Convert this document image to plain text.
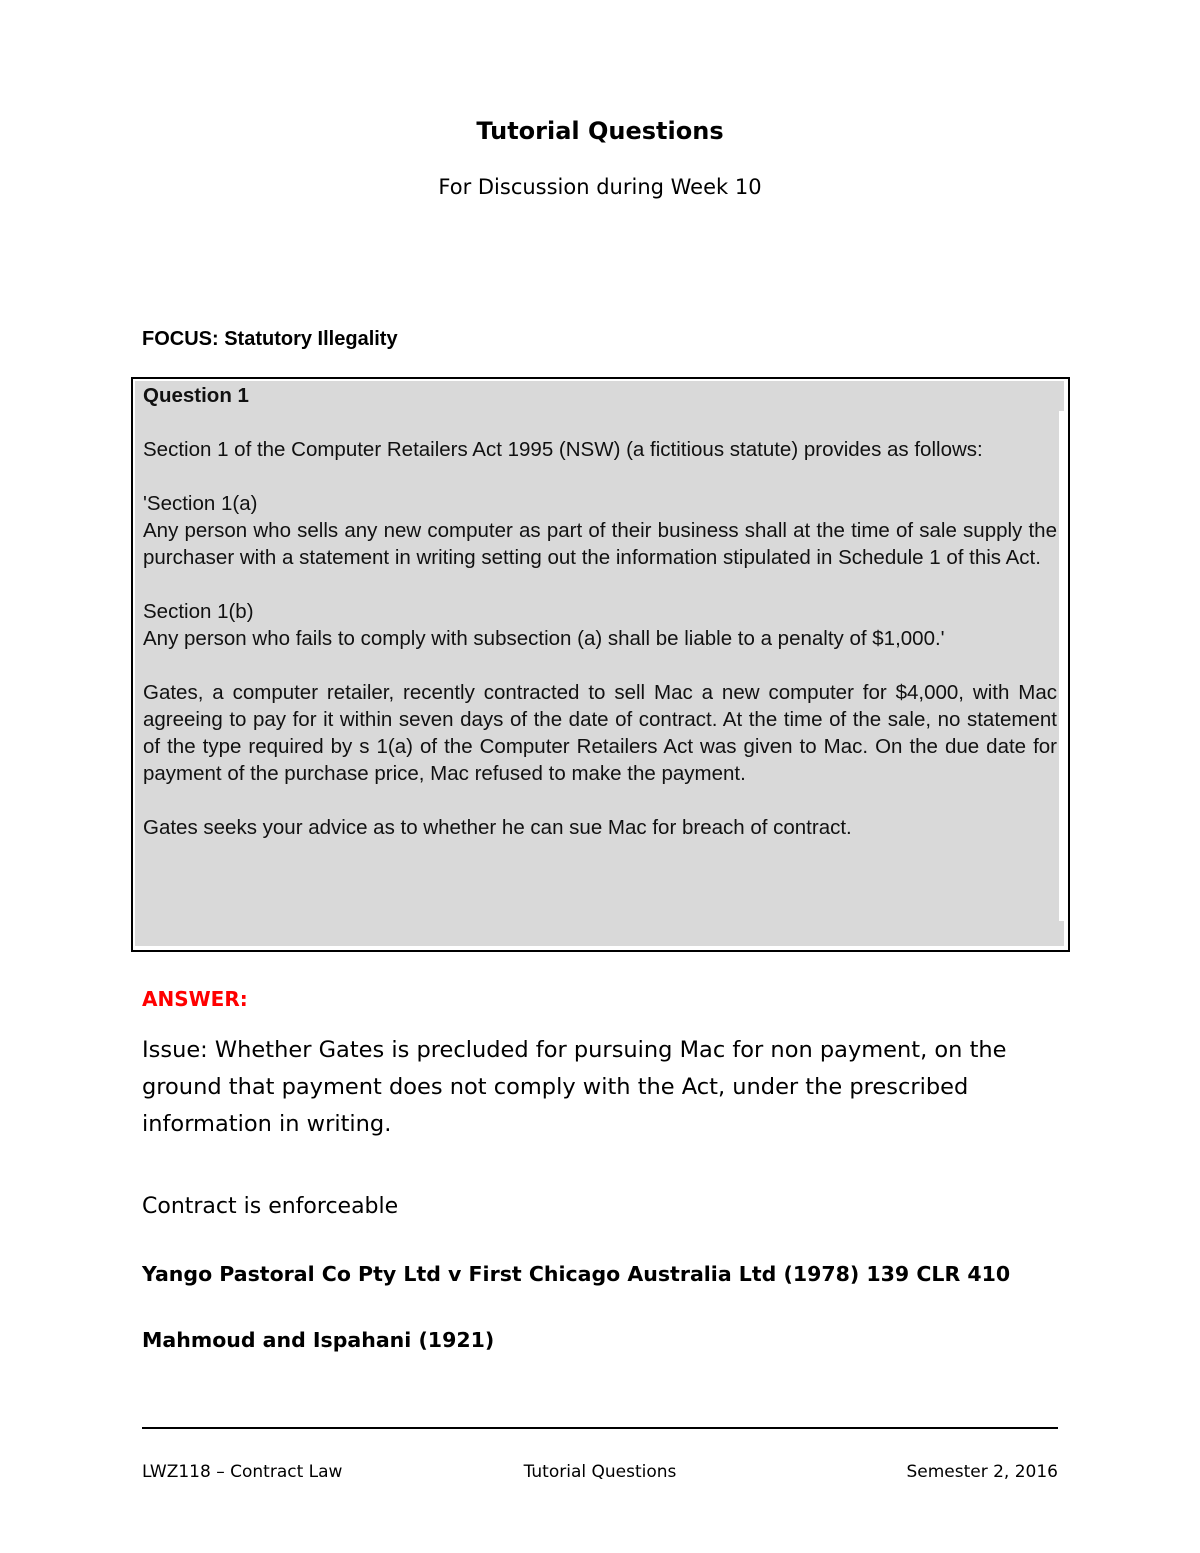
Tutorial Questions
For Discussion during Week 10
FOCUS: Statutory Illegality
Question 1

Section 1 of the Computer Retailers Act 1995 (NSW) (a fictitious statute) provides as follows:

'Section 1(a)
Any person who sells any new computer as part of their business shall at the time of sale supply the purchaser with a statement in writing setting out the information stipulated in Schedule 1 of this Act.

Section 1(b)
Any person who fails to comply with subsection (a) shall be liable to a penalty of $1,000.'

Gates, a computer retailer, recently contracted to sell Mac a new computer for $4,000, with Mac agreeing to pay for it within seven days of the date of contract. At the time of the sale, no statement of the type required by s 1(a) of the Computer Retailers Act was given to Mac. On the due date for payment of the purchase price, Mac refused to make the payment.

Gates seeks your advice as to whether he can sue Mac for breach of contract.

ANSWER:
Issue: Whether Gates is precluded for pursuing Mac for non payment, on the ground that payment does not comply with the Act, under the prescribed information in writing.
Contract is enforceable
Yango Pastoral Co Pty Ltd v First Chicago Australia Ltd (1978) 139 CLR 410
Mahmoud and Ispahani (1921)
Tutorial Questions
LWZ118 – Contract Law	Semester 2, 2016
